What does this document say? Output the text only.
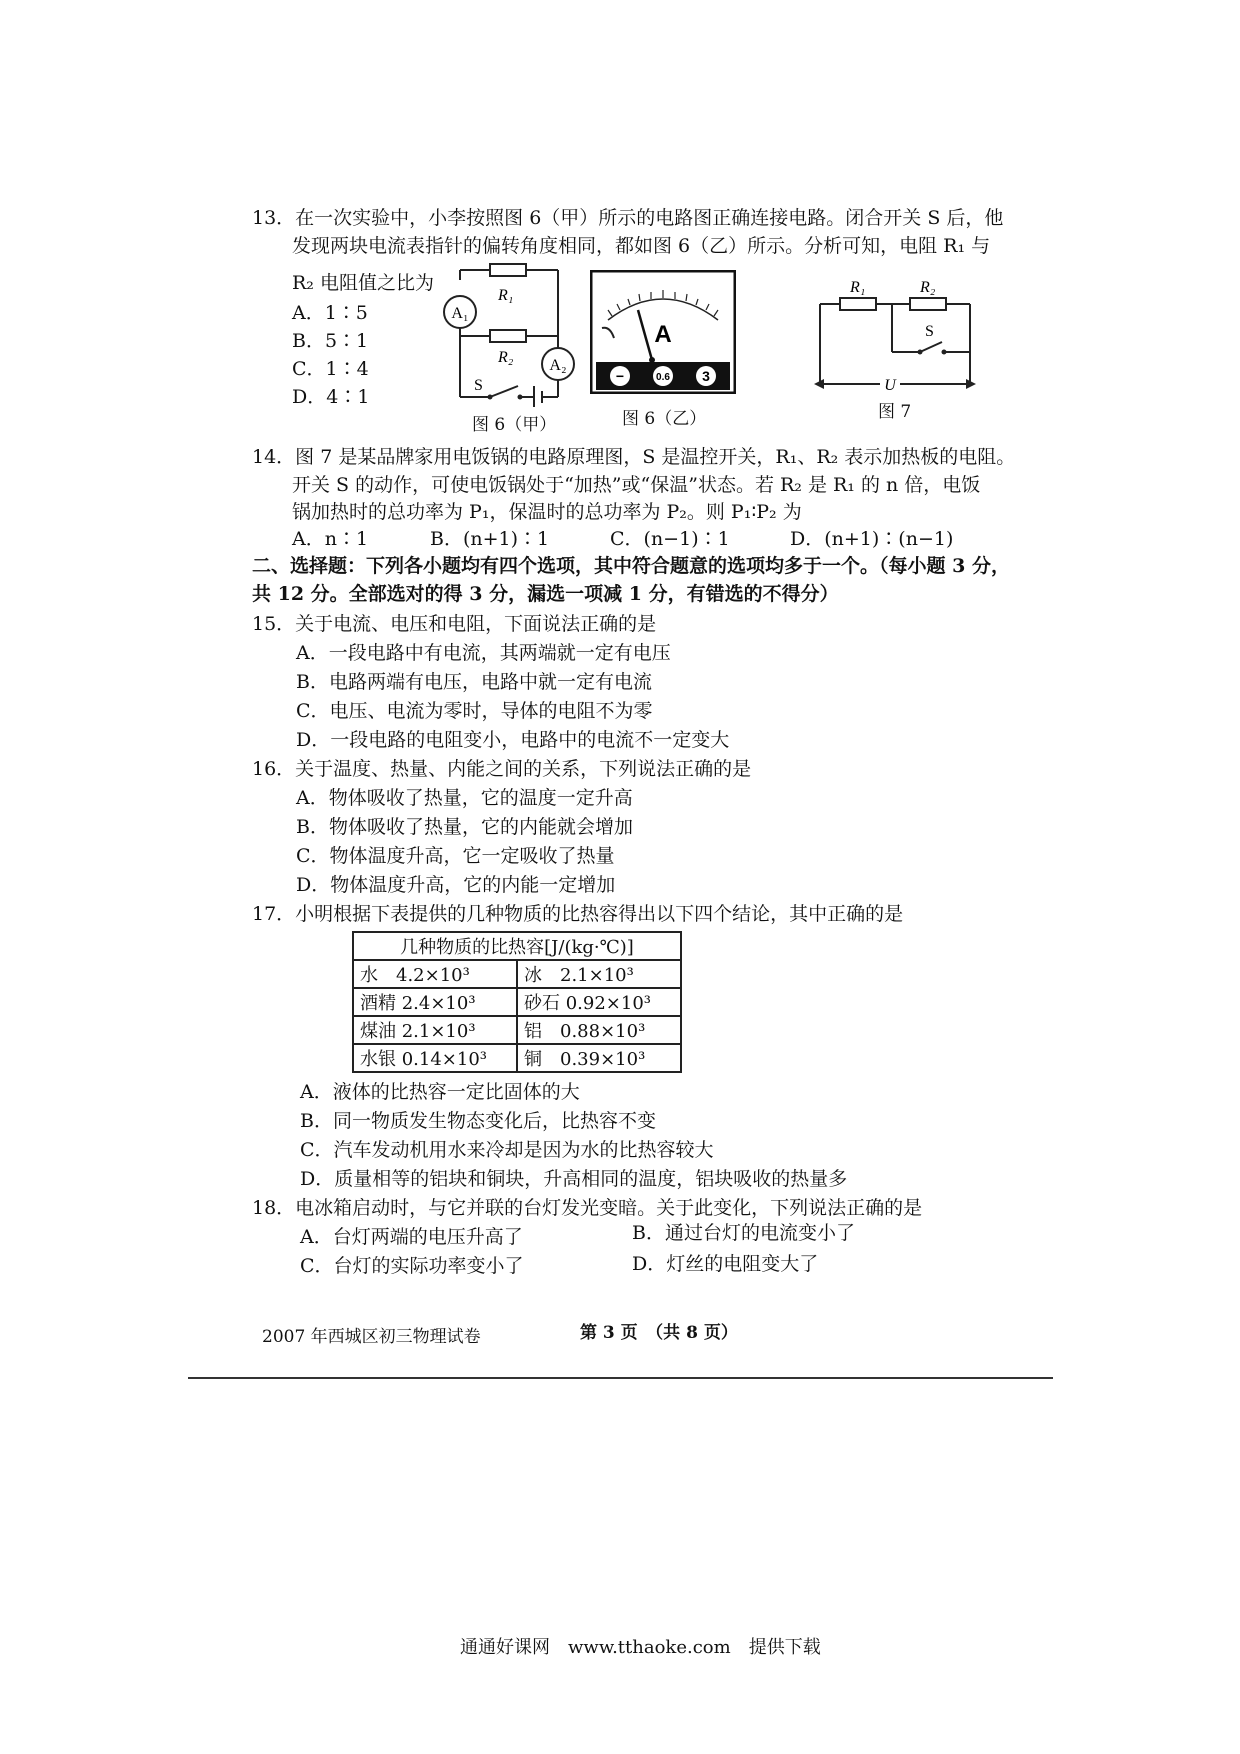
13．在一次实验中，小李按照图 6（甲）所示的电路图正确连接电路。闭合开关 S 后，他
发现两块电流表指针的偏转角度相同，都如图 6（乙）所示。分析可知，电阻 R₁ 与
R₂ 电阻值之比为
A．1∶5
B．5∶1
C．1∶4
D．4∶1
A₁
A₂
R₁
R₂
S
图 6（甲）
A
−	0.6 3
图 6（乙）
R₁	R₂
S
U
图 7
14．图 7 是某品牌家用电饭锅的电路原理图，S 是温控开关，R₁、R₂ 表示加热板的电阻。
开关 S 的动作，可使电饭锅处于“加热”或“保温”状态。若 R₂ 是 R₁ 的 n 倍，电饭
锅加热时的总功率为 P₁，保温时的总功率为 P₂。则 P₁∶P₂ 为
A．n∶1	B．(n+1)∶1	C．(n−1)∶1	D．(n+1)∶(n−1)
二、选择题：下列各小题均有四个选项，其中符合题意的选项均多于一个。（每小题 3 分，
共 12 分。全部选对的得 3 分，漏选一项减 1 分，有错选的不得分）
15．关于电流、电压和电阻，下面说法正确的是
A．一段电路中有电流，其两端就一定有电压
B．电路两端有电压，电路中就一定有电流
C．电压、电流为零时，导体的电阻不为零
D．一段电路的电阻变小，电路中的电流不一定变大
16．关于温度、热量、内能之间的关系，下列说法正确的是
A．物体吸收了热量，它的温度一定升高
B．物体吸收了热量，它的内能就会增加
C．物体温度升高，它一定吸收了热量
D．物体温度升高，它的内能一定增加
17．小明根据下表提供的几种物质的比热容得出以下四个结论，其中正确的是
几种物质的比热容[J/(kg·℃)]	
水　4.2×10³	冰　2.1×10³
酒精 2.4×10³	砂石 0.92×10³
煤油 2.1×10³	铝　0.88×10³
水银 0.14×10³	铜　0.39×10³
A．液体的比热容一定比固体的大
B．同一物质发生物态变化后，比热容不变
C．汽车发动机用水来冷却是因为水的比热容较大
D．质量相等的铝块和铜块，升高相同的温度，铝块吸收的热量多
18．电冰箱启动时，与它并联的台灯发光变暗。关于此变化，下列说法正确的是
A．台灯两端的电压升高了	B．通过台灯的电流变小了
C．台灯的实际功率变小了	D．灯丝的电阻变大了
2007 年西城区初三物理试卷	第 3 页　（共 8 页）
通通好课网　www.tthaoke.com　提供下载
